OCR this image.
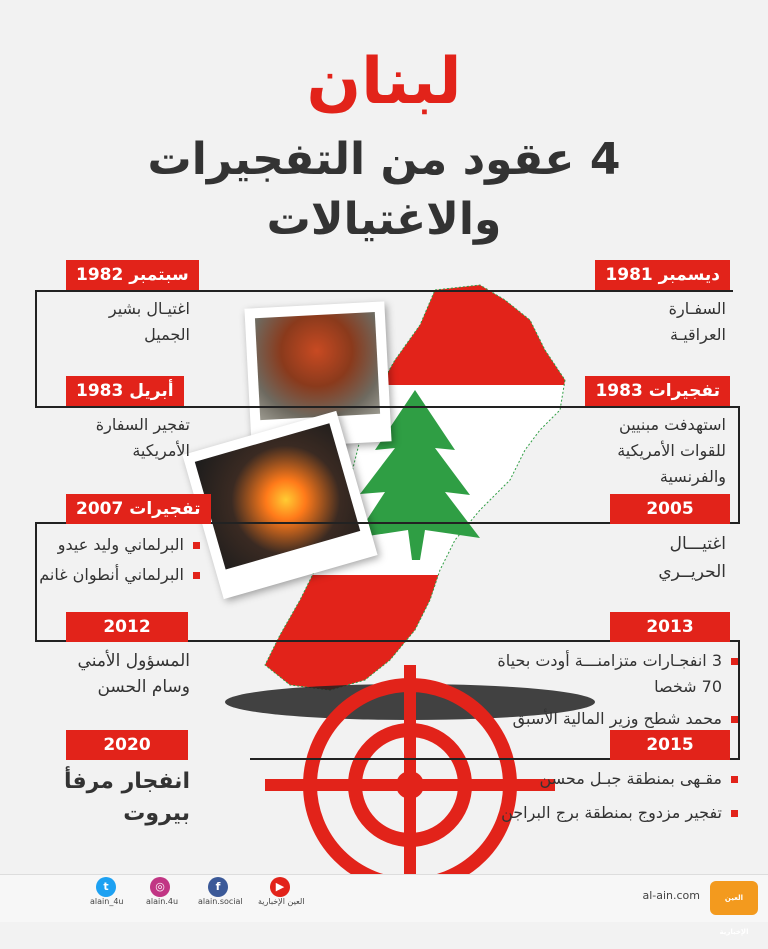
لبنان
4 عقود من التفجيرات
والاغتيالات
ديسمبر 1981
السفـارة
العراقيـة
تفجيرات 1983
استهدفت مبنيين
للقوات الأمريكية
والفرنسية
2005
اغتيـــال
الحريــري
2013
3 انفجـارات متزامنـــة أودت بحياة 70 شخصا
محمد شطح وزير المالية الأسبق
2015
مقـهى بمنطقة جبـل محسن
تفجير مزدوج بمنطقة برج البراجن
سبتمبر 1982
اغتيـال بشير
الجميل
أبريل 1983
تفجير السفارة
الأمريكية
تفجيرات 2007
البرلماني وليد عيدو
البرلماني أنطوان غانم
2012
المسؤول الأمني
وسام الحسن
2020
انفجار مرفأ
بيروت
العين الإخبارية
al-ain.com
▶
العين الإخبارية
f
alain.social
◎
alain.4u
t
alain_4u
